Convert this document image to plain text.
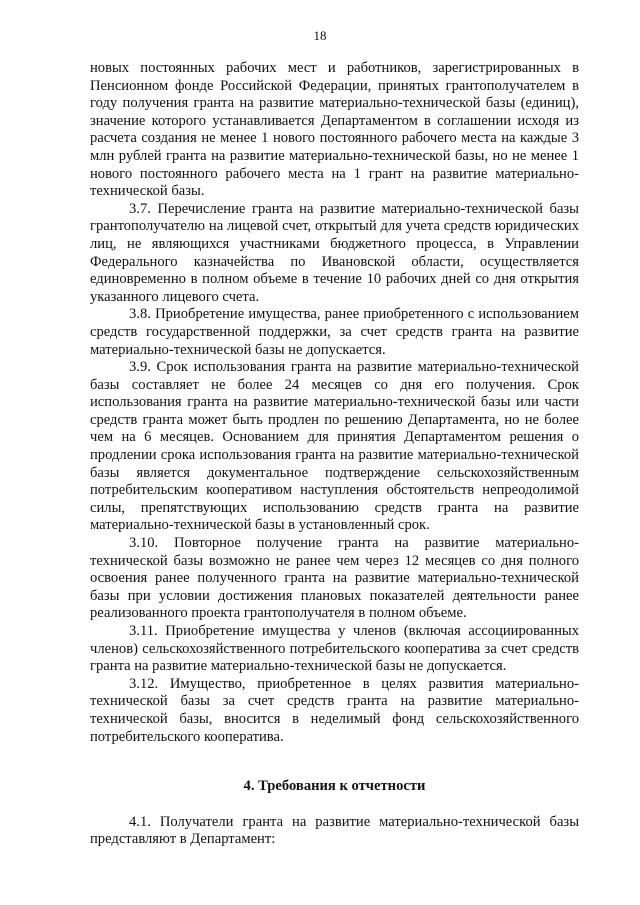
18

новых постоянных рабочих мест и работников, зарегистрированных в Пенсионном фонде Российской Федерации, принятых грантополучателем в году получения гранта на развитие материально-технической базы (единиц), значение которого устанавливается Департаментом в соглашении исходя из расчета создания не менее 1 нового постоянного рабочего места на каждые 3 млн рублей гранта на развитие материально-технической базы, но не менее 1 нового постоянного рабочего места на 1 грант на развитие материально-технической базы.

3.7. Перечисление гранта на развитие материально-технической базы грантополучателю на лицевой счет, открытый для учета средств юридических лиц, не являющихся участниками бюджетного процесса, в Управлении Федерального казначейства по Ивановской области, осуществляется единовременно в полном объеме в течение 10 рабочих дней со дня открытия указанного лицевого счета.

3.8. Приобретение имущества, ранее приобретенного с использованием средств государственной поддержки, за счет средств гранта на развитие материально-технической базы не допускается.

3.9. Срок использования гранта на развитие материально-технической базы составляет не более 24 месяцев со дня его получения. Срок использования гранта на развитие материально-технической базы или части средств гранта может быть продлен по решению Департамента, но не более чем на 6 месяцев. Основанием для принятия Департаментом решения о продлении срока использования гранта на развитие материально-технической базы является документальное подтверждение сельскохозяйственным потребительским кооперативом наступления обстоятельств непреодолимой силы, препятствующих использованию средств гранта на развитие материально-технической базы в установленный срок.

3.10. Повторное получение гранта на развитие материально-технической базы возможно не ранее чем через 12 месяцев со дня полного освоения ранее полученного гранта на развитие материально-технической базы при условии достижения плановых показателей деятельности ранее реализованного проекта грантополучателя в полном объеме.

3.11. Приобретение имущества у членов (включая ассоциированных членов) сельскохозяйственного потребительского кооператива за счет средств гранта на развитие материально-технической базы не допускается.

3.12. Имущество, приобретенное в целях развития материально-технической базы за счет средств гранта на развитие материально-технической базы, вносится в неделимый фонд сельскохозяйственного потребительского кооператива.

4. Требования к отчетности

4.1. Получатели гранта на развитие материально-технической базы представляют в Департамент:
